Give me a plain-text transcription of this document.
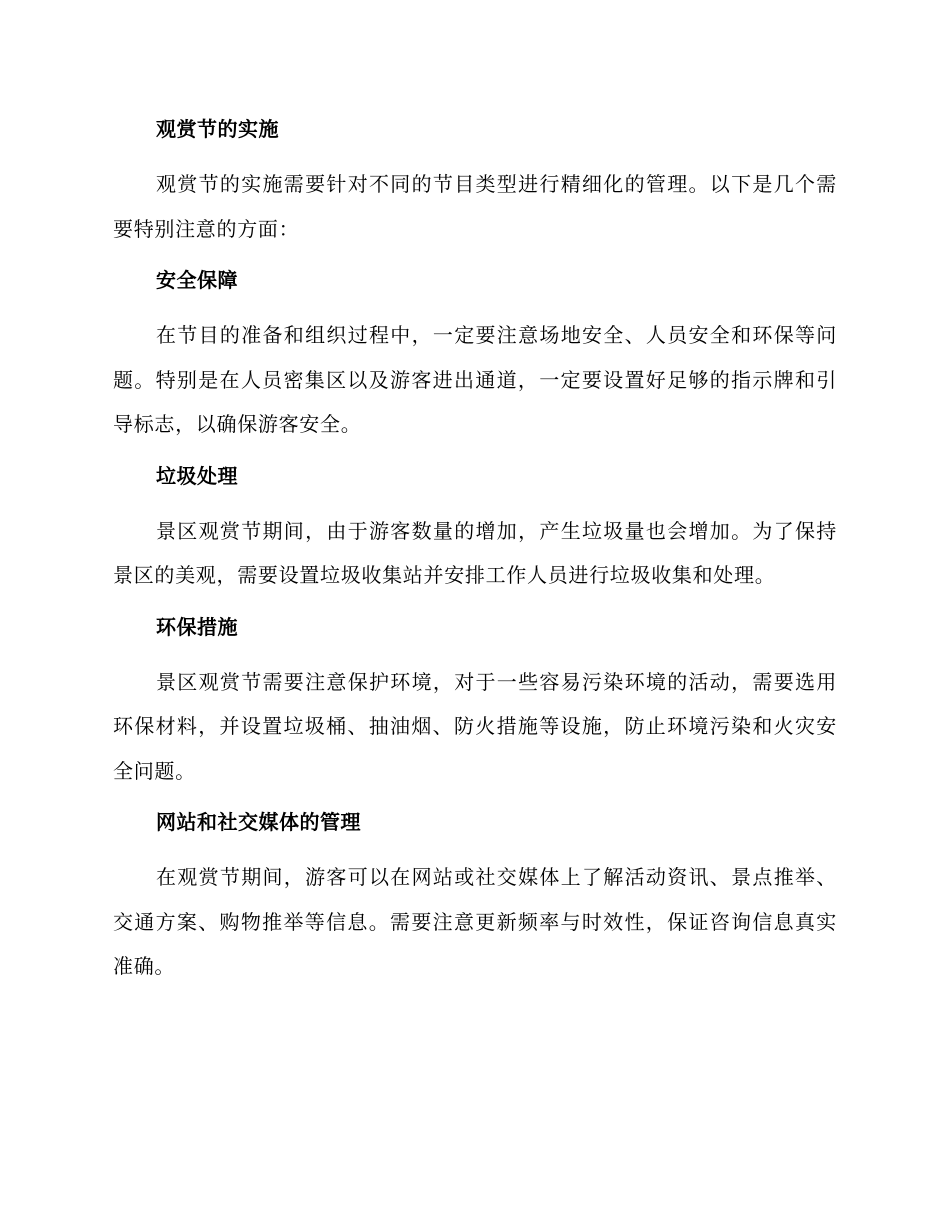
观赏节的实施

观赏节的实施需要针对不同的节目类型进行精细化的管理。以下是几个需要特别注意的方面：

安全保障

在节目的准备和组织过程中，一定要注意场地安全、人员安全和环保等问题。特别是在人员密集区以及游客进出通道，一定要设置好足够的指示牌和引导标志，以确保游客安全。

垃圾处理

景区观赏节期间，由于游客数量的增加，产生垃圾量也会增加。为了保持景区的美观，需要设置垃圾收集站并安排工作人员进行垃圾收集和处理。

环保措施

景区观赏节需要注意保护环境，对于一些容易污染环境的活动，需要选用环保材料，并设置垃圾桶、抽油烟、防火措施等设施，防止环境污染和火灾安全问题。

网站和社交媒体的管理

在观赏节期间，游客可以在网站或社交媒体上了解活动资讯、景点推举、交通方案、购物推举等信息。需要注意更新频率与时效性，保证咨询信息真实准确。
